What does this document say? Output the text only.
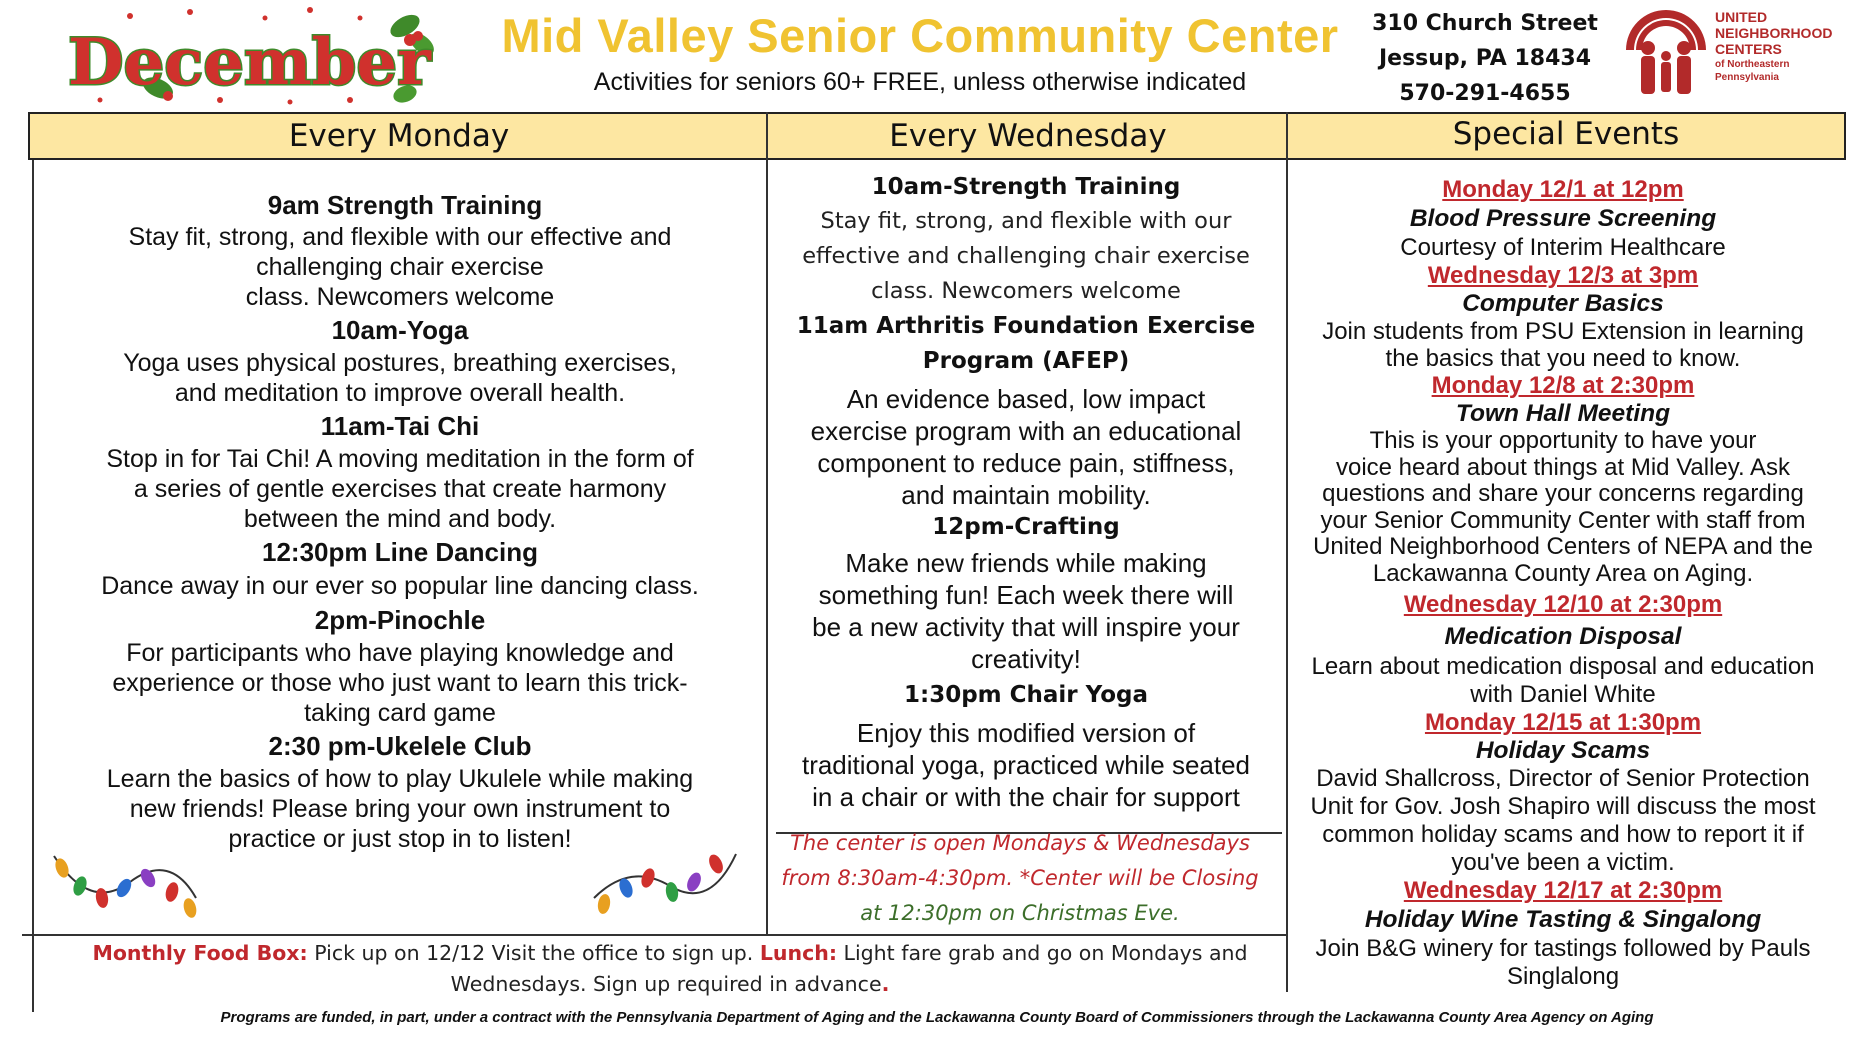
December	Mid Valley Senior Community Center
Activities for seniors 60+ FREE, unless otherwise indicated
310 Church Street
Jessup, PA 18434
570-291-4655
UNITED
NEIGHBORHOOD
CENTERS
of Northeastern
Pennsylvania
Every Monday	Every Wednesday	Special Events

9am Strength Training

Stay fit, strong, and flexible with our effective and

challenging chair exercise

class. Newcomers welcome

10am-Yoga

Yoga uses physical postures, breathing exercises,

and meditation to improve overall health.

11am-Tai Chi

Stop in for Tai Chi! A moving meditation in the form of

a series of gentle exercises that create harmony

between the mind and body.

12:30pm Line Dancing

Dance away in our ever so popular line dancing class.

2pm-Pinochle

For participants who have playing knowledge and

experience or those who just want to learn this trick-

taking card game

2:30 pm-Ukelele Club

Learn the basics of how to play Ukulele while making

new friends! Please bring your own instrument to

practice or just stop in to listen!

10am-Strength Training

Stay fit, strong, and flexible with our

effective and challenging chair exercise

class. Newcomers welcome

11am Arthritis Foundation Exercise

Program (AFEP)

An evidence based, low impact

exercise program with an educational

component to reduce pain, stiffness,

and maintain mobility.

12pm-Crafting

Make new friends while making

something fun! Each week there will

be a new activity that will inspire your

creativity!

1:30pm Chair Yoga

Enjoy this modified version of

traditional yoga, practiced while seated

in a chair or with the chair for support

The center is open Mondays & Wednesdays
from 8:30am-4:30pm. *Center will be Closing
at 12:30pm on Christmas Eve.

Monday 12/1 at 12pm

Blood Pressure Screening

Courtesy of Interim Healthcare

Wednesday 12/3 at 3pm

Computer Basics

Join students from PSU Extension in learning

the basics that you need to know.

Monday 12/8 at 2:30pm

Town Hall Meeting

This is your opportunity to have your

voice heard about things at Mid Valley. Ask

questions and share your concerns regarding

your Senior Community Center with staff from

United Neighborhood Centers of NEPA and the

Lackawanna County Area on Aging.

Wednesday 12/10 at 2:30pm

Medication Disposal

Learn about medication disposal and education

with Daniel White

Monday 12/15 at 1:30pm

Holiday Scams

David Shallcross, Director of Senior Protection

Unit for Gov. Josh Shapiro will discuss the most

common holiday scams and how to report it if

you've been a victim.

Wednesday 12/17 at 2:30pm

Holiday Wine Tasting & Singalong

Join B&G winery for tastings followed by Pauls

Singlalong

Monthly Food Box: Pick up on 12/12 Visit the office to sign up. Lunch: Light fare grab and go on Mondays and
Wednesdays. Sign up required in advance.
Programs are funded, in part, under a contract with the Pennsylvania Department of Aging and the Lackawanna County Board of Commissioners through the Lackawanna County Area Agency on Aging
